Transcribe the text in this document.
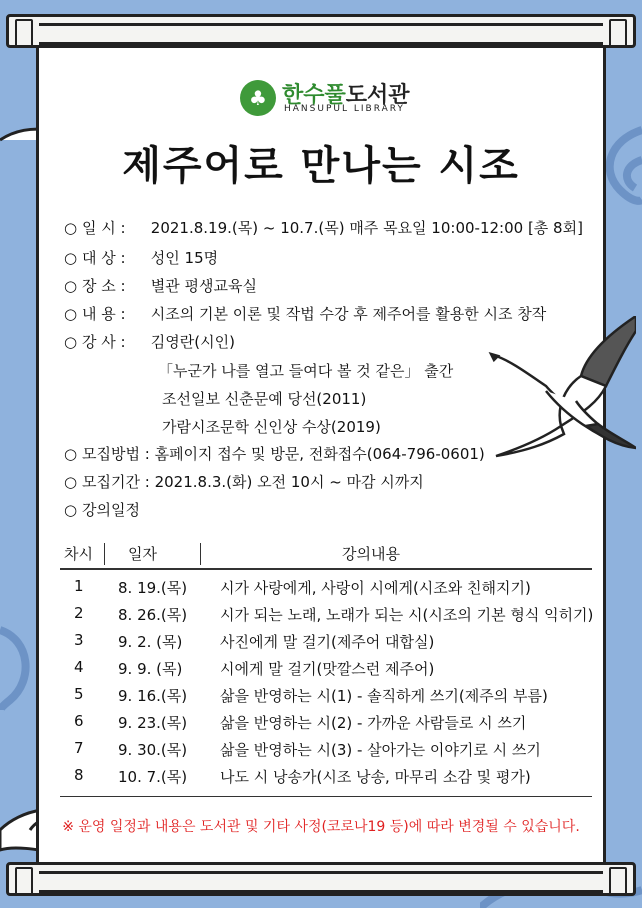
♣ 한수풀도서관
HANSUPUL LIBRARY
제주어로 만나는 시조
○ 일 시 : 2021.8.19.(목) ~ 10.7.(목) 매주 목요일 10:00-12:00 [총 8회]
○ 대 상 : 성인 15명
○ 장 소 : 별관 평생교육실
○ 내 용 : 시조의 기본 이론 및 작법 수강 후 제주어를 활용한 시조 창작
○ 강 사 : 김영란(시인)
「누군가 나를 열고 들여다 볼 것 같은」 출간
조선일보 신춘문예 당선(2011)
가람시조문학 신인상 수상(2019)
○ 모집방법 : 홈페이지 접수 및 방문, 전화접수(064-796-0601)
○ 모집기간 : 2021.8.3.(화) 오전 10시 ~ 마감 시까지
○ 강의일정
차시 일자	강의내용
1 8. 19.(목) 시가 사랑에게, 사랑이 시에게(시조와 친해지기)
2 8. 26.(목) 시가 되는 노래, 노래가 되는 시(시조의 기본 형식 익히기)
3 9. 2. (목)	사진에게 말 걸기(제주어 대합실)
4 9. 9. (목)	시에게 말 걸기(맛깔스런 제주어)
5 9. 16.(목) 삶을 반영하는 시(1) - 솔직하게 쓰기(제주의 부름)
6 9. 23.(목) 삶을 반영하는 시(2) - 가까운 사람들로 시 쓰기
7 9. 30.(목) 삶을 반영하는 시(3) - 살아가는 이야기로 시 쓰기
8 10. 7.(목) 나도 시 낭송가(시조 낭송, 마무리 소감 및 평가)
※ 운영 일정과 내용은 도서관 및 기타 사정(코로나19 등)에 따라 변경될 수 있습니다.
